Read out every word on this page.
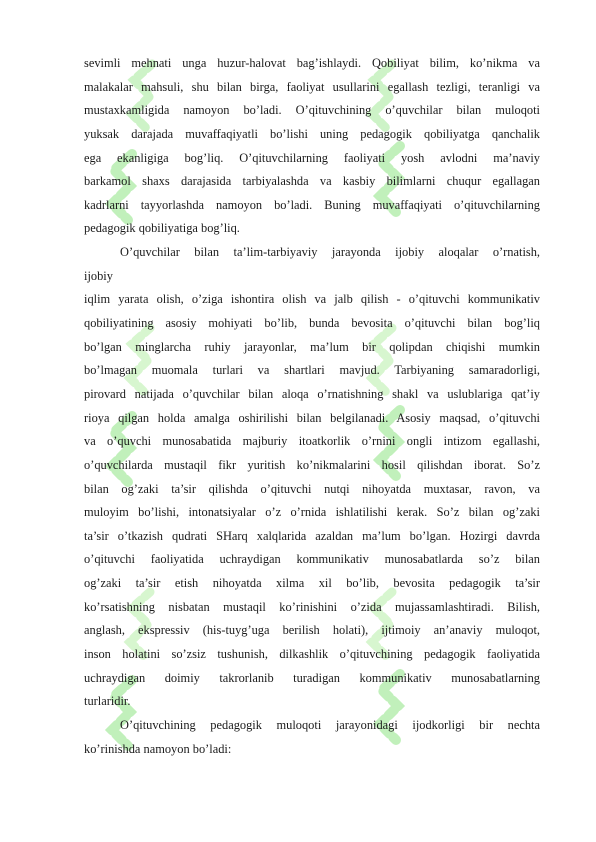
sevimli mehnati unga huzur-halovat bag’ishlaydi. Qobiliyat bilim, ko’nikma va
malakalar mahsuli, shu bilan birga, faoliyat usullarini egallash tezligi, teranligi va
mustaxkamligida namoyon bo’ladi. O’qituvchining o’quvchilar bilan muloqoti
yuksak darajada muvaffaqiyatli bo’lishi uning pedagogik qobiliyatga qanchalik
ega ekanligiga bog’liq. O’qituvchilarning faoliyati yosh avlodni ma’naviy
barkamol shaxs darajasida tarbiyalashda va kasbiy bilimlarni chuqur egallagan
kadrlarni tayyorlashda namoyon bo’ladi. Buning muvaffaqiyati o’qituvchilarning
pedagogik qobiliyatiga bog’liq.
O’quvchilar bilan ta’lim-tarbiyaviy jarayonda ijobiy aloqalar o’rnatish,
ijobiy
iqlim yarata olish, o’ziga ishontira olish va jalb qilish - o’qituvchi kommunikativ
qobiliyatining asosiy mohiyati bo’lib, bunda bevosita o’qituvchi bilan bog’liq
bo’lgan minglarcha ruhiy jarayonlar, ma’lum bir qolipdan chiqishi mumkin
bo’lmagan muomala turlari va shartlari mavjud. Tarbiyaning samaradorligi,
pirovard natijada o’quvchilar bilan aloqa o’rnatishning shakl va uslublariga qat’iy
rioya qilgan holda amalga oshirilishi bilan belgilanadi. Asosiy maqsad, o’qituvchi
va o’quvchi munosabatida majburiy itoatkorlik o’rnini ongli intizom egallashi,
o’quvchilarda mustaqil fikr yuritish ko’nikmalarini hosil qilishdan iborat. So’z
bilan og’zaki ta’sir qilishda o’qituvchi nutqi nihoyatda muxtasar, ravon, va
muloyim bo’lishi, intonatsiyalar o’z o’rnida ishlatilishi kerak. So’z bilan og’zaki
ta’sir o’tkazish qudrati SHarq xalqlarida azaldan ma’lum bo’lgan. Hozirgi davrda
o’qituvchi faoliyatida uchraydigan kommunikativ munosabatlarda so’z bilan
og’zaki ta’sir etish nihoyatda xilma xil bo’lib, bevosita pedagogik ta’sir
ko’rsatishning nisbatan mustaqil ko’rinishini o’zida mujassamlashtiradi. Bilish,
anglash, ekspressiv (his-tuyg’uga berilish holati), ijtimoiy an’anaviy muloqot,
inson holatini so’zsiz tushunish, dilkashlik o’qituvchining pedagogik faoliyatida
uchraydigan doimiy takrorlanib turadigan kommunikativ munosabatlarning
turlaridir.
O’qituvchining pedagogik muloqoti jarayonidagi ijodkorligi bir nechta
ko’rinishda namoyon bo’ladi:
